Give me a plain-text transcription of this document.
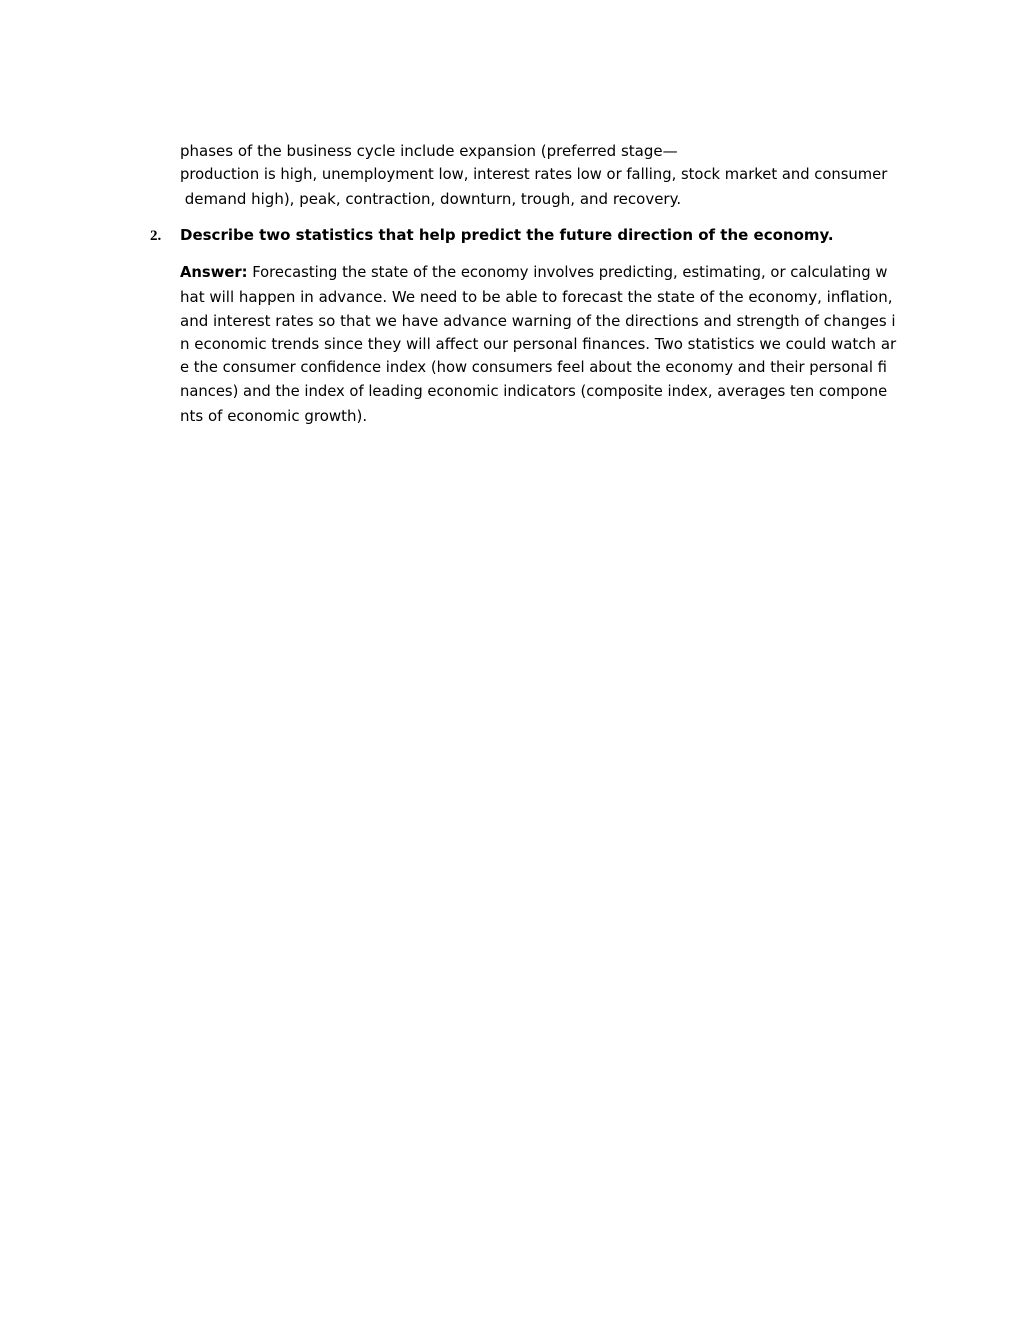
phases of the business cycle include expansion (preferred stage—
production is high, unemployment low, interest rates low or falling, stock market and consumer
demand high), peak, contraction, downturn, trough, and recovery.
2. Describe two statistics that help predict the future direction of the economy.
Answer: Forecasting the state of the economy involves predicting, estimating, or calculating w
hat will happen in advance. We need to be able to forecast the state of the economy, inflation,
and interest rates so that we have advance warning of the directions and strength of changes i
n economic trends since they will affect our personal finances. Two statistics we could watch ar
e the consumer confidence index (how consumers feel about the economy and their personal fi
nances) and the index of leading economic indicators (composite index, averages ten compone
nts of economic growth).
